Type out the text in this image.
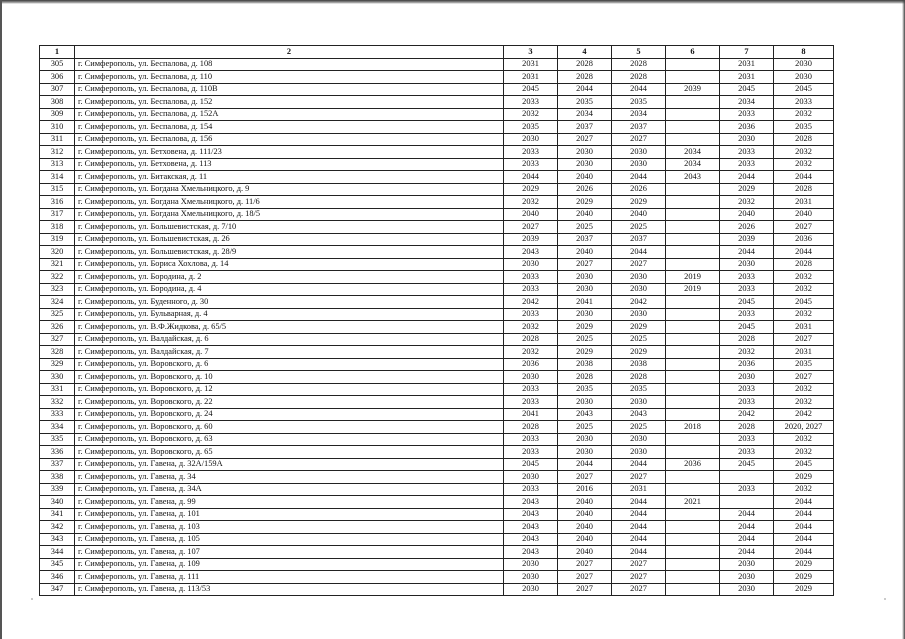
1	2	3	4	5	6	7	8
305	г. Симферополь, ул. Беспалова, д. 108	2031	2028	2028		2031	2030
306	г. Симферополь, ул. Беспалова, д. 110	2031	2028	2028		2031	2030
307	г. Симферополь, ул. Беспалова, д. 110В	2045	2044	2044	2039	2045	2045
308	г. Симферополь, ул. Беспалова, д. 152	2033	2035	2035		2034	2033
309	г. Симферополь, ул. Беспалова, д. 152А	2032	2034	2034		2033	2032
310	г. Симферополь, ул. Беспалова, д. 154	2035	2037	2037		2036	2035
311	г. Симферополь, ул. Беспалова, д. 156	2030	2027	2027		2030	2028
312	г. Симферополь, ул. Бетховена, д. 111/23	2033	2030	2030	2034	2033	2032
313	г. Симферополь, ул. Бетховена, д. 113	2033	2030	2030	2034	2033	2032
314	г. Симферополь, ул. Битакская, д. 11	2044	2040	2044	2043	2044	2044
315	г. Симферополь, ул. Богдана Хмельницкого, д. 9	2029	2026	2026		2029	2028
316	г. Симферополь, ул. Богдана Хмельницкого, д. 11/6	2032	2029	2029		2032	2031
317	г. Симферополь, ул. Богдана Хмельницкого, д. 18/5	2040	2040	2040		2040	2040
318	г. Симферополь, ул. Большевистская, д. 7/10	2027	2025	2025		2026	2027
319	г. Симферополь, ул. Большевистская, д. 26	2039	2037	2037		2039	2036
320	г. Симферополь, ул. Большевистская, д. 28/9	2043	2040	2044		2044	2044
321	г. Симферополь, ул. Бориса Хохлова, д. 14	2030	2027	2027		2030	2028
322	г. Симферополь, ул. Бородина, д. 2	2033	2030	2030	2019	2033	2032
323	г. Симферополь, ул. Бородина, д. 4	2033	2030	2030	2019	2033	2032
324	г. Симферополь, ул. Буденного, д. 30	2042	2041	2042		2045	2045
325	г. Симферополь, ул. Бульварная, д. 4	2033	2030	2030		2033	2032
326	г. Симферополь, ул. В.Ф.Жидкова, д. 65/5	2032	2029	2029		2045	2031
327	г. Симферополь, ул. Валдайская, д. 6	2028	2025	2025		2028	2027
328	г. Симферополь, ул. Валдайская, д. 7	2032	2029	2029		2032	2031
329	г. Симферополь, ул. Воровского, д. 6	2036	2038	2038		2036	2035
330	г. Симферополь, ул. Воровского, д. 10	2030	2028	2028		2030	2027
331	г. Симферополь, ул. Воровского, д. 12	2033	2035	2035		2033	2032
332	г. Симферополь, ул. Воровского, д. 22	2033	2030	2030		2033	2032
333	г. Симферополь, ул. Воровского, д. 24	2041	2043	2043		2042	2042
334	г. Симферополь, ул. Воровского, д. 60	2028	2025	2025	2018	2028	2020, 2027
335	г. Симферополь, ул. Воровского, д. 63	2033	2030	2030		2033	2032
336	г. Симферополь, ул. Воровского, д. 65	2033	2030	2030		2033	2032
337	г. Симферополь, ул. Гавена, д. 32А/159А	2045	2044	2044	2036	2045	2045
338	г. Симферополь, ул. Гавена, д. 34	2030	2027	2027			2029
339	г. Симферополь, ул. Гавена, д. 34А	2033	2016	2031		2033	2032
340	г. Симферополь, ул. Гавена, д. 99	2043	2040	2044	2021		2044
341	г. Симферополь, ул. Гавена, д. 101	2043	2040	2044		2044	2044
342	г. Симферополь, ул. Гавена, д. 103	2043	2040	2044		2044	2044
343	г. Симферополь, ул. Гавена, д. 105	2043	2040	2044		2044	2044
344	г. Симферополь, ул. Гавена, д. 107	2043	2040	2044		2044	2044
345	г. Симферополь, ул. Гавена, д. 109	2030	2027	2027		2030	2029
346	г. Симферополь, ул. Гавена, д. 111	2030	2027	2027		2030	2029
347	г. Симферополь, ул. Гавена, д. 113/53	2030	2027	2027		2030	2029
